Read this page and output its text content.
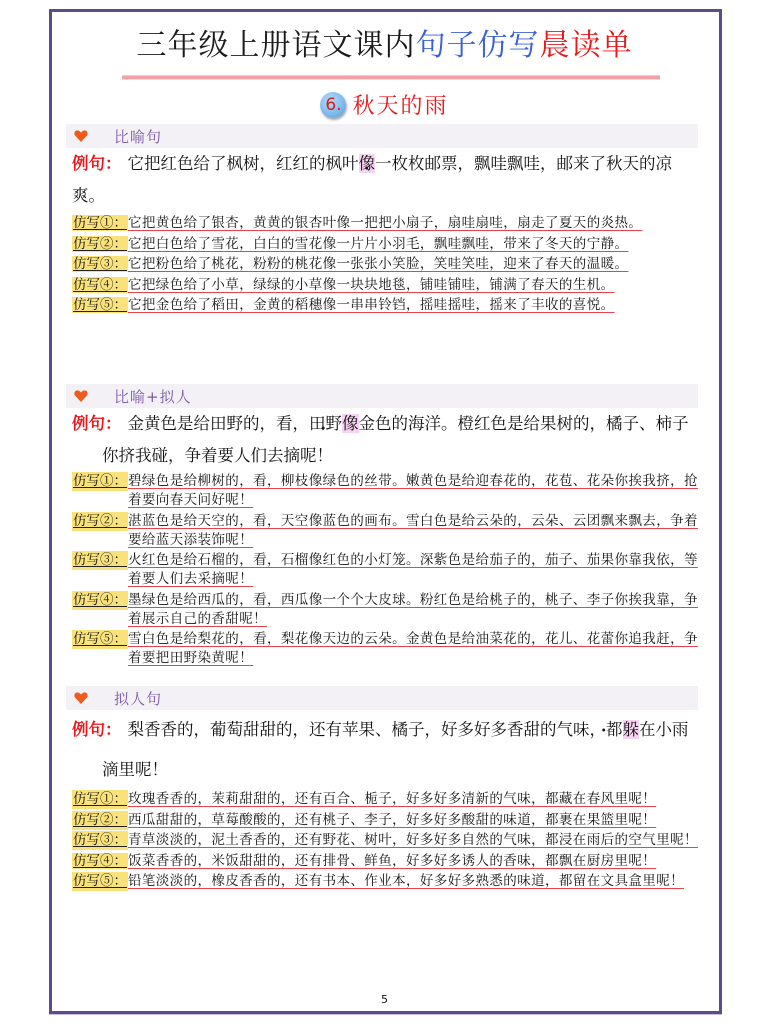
三年级上册语文课内句子仿写晨读单
6. 秋天的雨
比喻句
例句： 它把红色给了枫树，红红的枫叶像一枚枚邮票，飘哇飘哇，邮来了秋天的凉爽。
仿写①：它把黄色给了银杏，黄黄的银杏叶像一把把小扇子，扇哇扇哇，扇走了夏天的炎热。
仿写②：它把白色给了雪花，白白的雪花像一片片小羽毛，飘哇飘哇，带来了冬天的宁静。
仿写③：它把粉色给了桃花，粉粉的桃花像一张张小笑脸，笑哇笑哇，迎来了春天的温暖。
仿写④：它把绿色给了小草，绿绿的小草像一块块地毯，铺哇铺哇，铺满了春天的生机。
仿写⑤：它把金色给了稻田，金黄的稻穗像一串串铃铛，摇哇摇哇，摇来了丰收的喜悦。
比喻+拟人
例句： 金黄色是给田野的，看，田野像金色的海洋。橙红色是给果树的，橘子、柿子你挤我碰，争着要人们去摘呢！
仿写①： 碧绿色是给柳树的，看，柳枝像绿色的丝带。嫩黄色是给迎春花的，花苞、花朵你挨我挤，抢着要向春天问好呢！
仿写②： 湛蓝色是给天空的，看，天空像蓝色的画布。雪白色是给云朵的，云朵、云团飘来飘去，争着要给蓝天添装饰呢！
仿写③： 火红色是给石榴的，看，石榴像红色的小灯笼。深紫色是给茄子的，茄子、茄果你靠我依，等着要人们去采摘呢！
仿写④： 墨绿色是给西瓜的，看，西瓜像一个个大皮球。粉红色是给桃子的，桃子、李子你挨我靠，争着展示自己的香甜呢！
仿写⑤： 雪白色是给梨花的，看，梨花像天边的云朵。金黄色是给油菜花的，花儿、花蕾你追我赶，争着要把田野染黄呢！
拟人句
例句： 梨香香的，葡萄甜甜的，还有苹果、橘子，好多好多香甜的气味，都躲 •在小雨滴里呢！
仿写①： 玫瑰香香的，茉莉甜甜的，还有百合、栀子，好多好多清新的气味，都藏在春风里呢！
仿写②： 西瓜甜甜的，草莓酸酸的，还有桃子、李子，好多好多酸甜的味道，都裹在果篮里呢！
仿写③： 青草淡淡的，泥土香香的，还有野花、树叶，好多好多自然的气味，都浸在雨后的空气里呢！
仿写④：饭菜香香的，米饭甜甜的，还有排骨、鲜鱼，好多好多诱人的香味，都飘在厨房里呢！
仿写⑤： 铅笔淡淡的，橡皮香香的，还有书本、作业本，好多好多熟悉的味道，都留在文具盒里呢！
5
